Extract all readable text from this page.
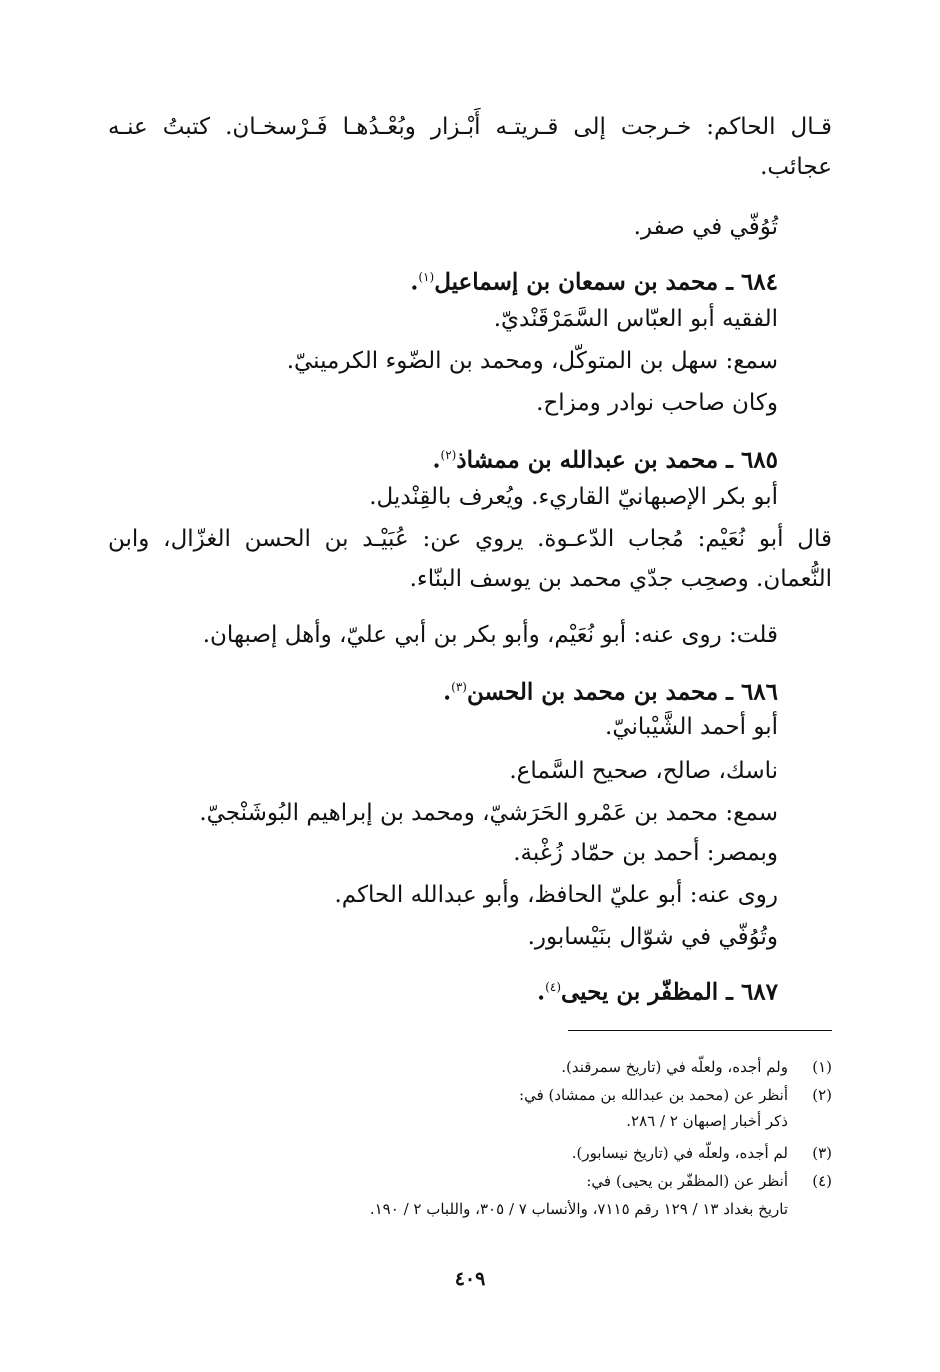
قـال الحاكم: خـرجت إلى قـريتـه أَبْـزار وبُعْـدُهـا فَـرْسخـان. كتبتُ عنـه
عجائب.
تُوُفّي في صفر.
٦٨٤ ـ محمد بن سمعان بن إسماعيل$^{(١)}$.
الفقيه أبو العبّاس السَّمَرْقَنْديّ.
سمع: سهل بن المتوكّل، ومحمد بن الضّوء الكرمينيّ.
وكان صاحب نوادر ومزاح.
٦٨٥ ـ محمد بن عبدالله بن ممشاذ$^{(٢)}$.
أبو بكر الإصبهانيّ القاريء. ويُعرف بالقِنْديل.
قال أبو نُعَيْم: مُجاب الدّعـوة. يروي عن: عُبَيْـد بن الحسن الغزّال، وابن
النُّعمان. وصحِب جدّي محمد بن يوسف البنّاء.
قلت: روى عنه: أبو نُعَيْم، وأبو بكر بن أبي عليّ، وأهل إصبهان.
٦٨٦ ـ محمد بن محمد بن الحسن$^{(٣)}$.
أبو أحمد الشَّيْبانيّ.
ناسك، صالح، صحيح السَّماع.
سمع: محمد بن عَمْرو الحَرَشيّ، ومحمد بن إبراهيم البُوشَنْجيّ.
وبمصر: أحمد بن حمّاد زُغْبة.
روى عنه: أبو عليّ الحافظ، وأبو عبدالله الحاكم.
وتُوُفّي في شوّال بنَيْسابور.
٦٨٧ ـ المظفّر بن يحيى$^{(٤)}$.
(١)
ولم أجده، ولعلّه في (تاريخ سمرقند).
(٢)
أنظر عن (محمد بن عبدالله بن ممشاد) في:
ذكر أخبار إصبهان ٢ / ٢٨٦.
(٣)
لم أجده، ولعلّه في (تاريخ نيسابور).
(٤)
أنظر عن (المظفّر بن يحيى) في:
تاريخ بغداد ١٣ / ١٢٩ رقم ٧١١٥، والأنساب ٧ / ٣٠٥، واللباب ٢ / ١٩٠.
٤٠٩
